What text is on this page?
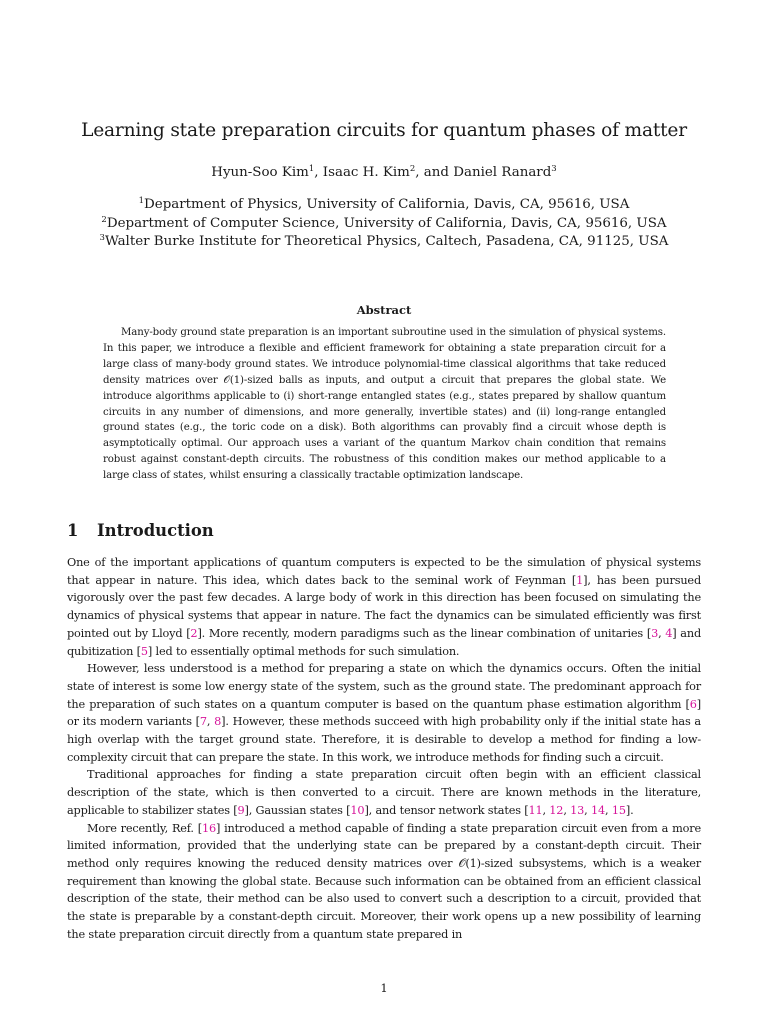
Learning state preparation circuits for quantum phases of matter
Hyun-Soo Kim$^1$, Isaac H. Kim$^2$, and Daniel Ranard$^3$
$^1$Department of Physics, University of California, Davis, CA, 95616, USA
$^2$Department of Computer Science, University of California, Davis, CA, 95616, USA
$^3$Walter Burke Institute for Theoretical Physics, Caltech, Pasadena, CA, 91125, USA
Abstract
Many-body ground state preparation is an important subroutine used in the simulation of physical systems. In this paper, we introduce a flexible and efficient framework for obtaining a state preparation circuit for a large class of many-body ground states. We introduce polynomial-time classical algorithms that take reduced density matrices over 𝒪(1)-sized balls as inputs, and output a circuit that prepares the global state. We introduce algorithms applicable to (i) short-range entangled states (e.g., states prepared by shallow quantum circuits in any number of dimensions, and more generally, invertible states) and (ii) long-range entangled ground states (e.g., the toric code on a disk). Both algorithms can provably find a circuit whose depth is asymptotically optimal. Our approach uses a variant of the quantum Markov chain condition that remains robust against constant-depth circuits. The robustness of this condition makes our method applicable to a large class of states, whilst ensuring a classically tractable optimization landscape.
1 Introduction

One of the important applications of quantum computers is expected to be the simulation of physical systems that appear in nature. This idea, which dates back to the seminal work of Feynman [1], has been pursued vigorously over the past few decades. A large body of work in this direction has been focused on simulating the dynamics of physical systems that appear in nature. The fact the dynamics can be simulated efficiently was first pointed out by Lloyd [2]. More recently, modern paradigms such as the linear combination of unitaries [3, 4] and qubitization [5] led to essentially optimal methods for such simulation.

However, less understood is a method for preparing a state on which the dynamics occurs. Often the initial state of interest is some low energy state of the system, such as the ground state. The predominant approach for the preparation of such states on a quantum computer is based on the quantum phase estimation algorithm [6] or its modern variants [7, 8]. However, these methods succeed with high probability only if the initial state has a high overlap with the target ground state. Therefore, it is desirable to develop a method for finding a low-complexity circuit that can prepare the state. In this work, we introduce methods for finding such a circuit.

Traditional approaches for finding a state preparation circuit often begin with an efficient classical description of the state, which is then converted to a circuit. There are known methods in the literature, applicable to stabilizer states [9], Gaussian states [10], and tensor network states [11, 12, 13, 14, 15].

More recently, Ref. [16] introduced a method capable of finding a state preparation circuit even from a more limited information, provided that the underlying state can be prepared by a constant-depth circuit. Their method only requires knowing the reduced density matrices over 𝒪(1)-sized subsystems, which is a weaker requirement than knowing the global state. Because such information can be obtained from an efficient classical description of the state, their method can be also used to convert such a description to a circuit, provided that the state is preparable by a constant-depth circuit. Moreover, their work opens up a new possibility of learning the state preparation circuit directly from a quantum state prepared in

1
